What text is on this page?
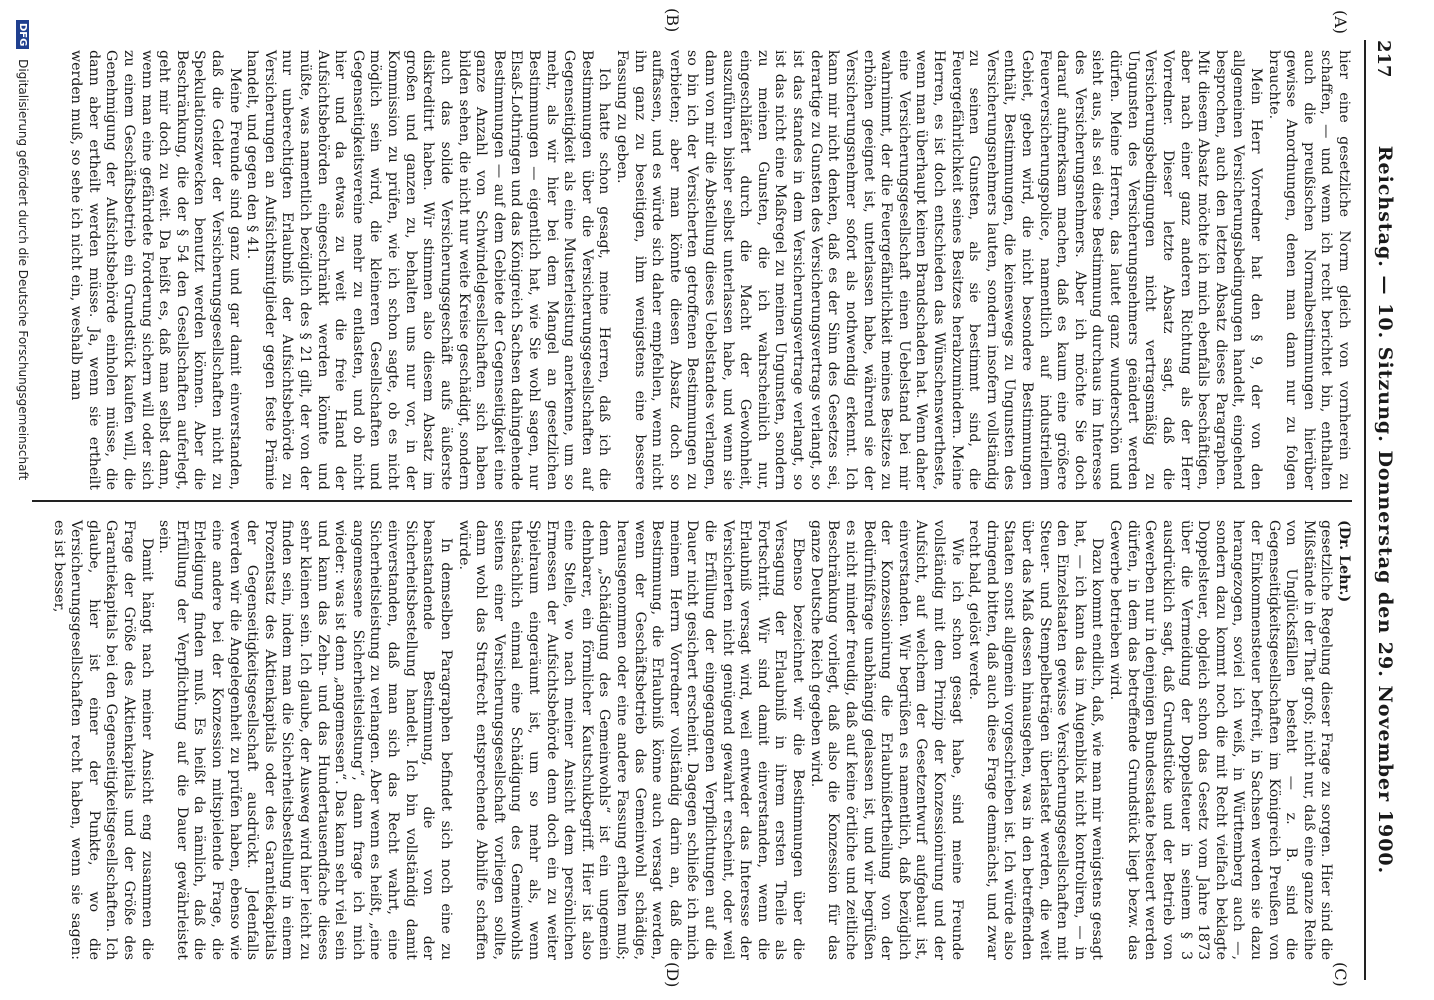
217
Reichstag. — 10. Sitzung. Donnerstag den 29. November 1900.
(C)
(D)
(A)
(B)

(Dr. Lehr.)

gesetzliche Regelung dieser Frage zu sorgen. Hier sind die Mißstände in der That groß; nicht nur, daß eine ganze Reihe von Unglücksfällen besteht — z. B. sind die Gegenseitigkeitsgesellschaften im Königreich Preußen von der Einkommensteuer befreit, in Sachsen werden sie dazu herangezogen, soviel ich weiß, in Württemberg auch —, sondern dazu kommt noch die mit Recht vielfach beklagte Doppelsteuer, obgleich schon das Gesetz vom Jahre 1873 über die Vermeidung der Doppelsteuer in seinem § 3 ausdrücklich sagt, daß Grundstücke und der Betrieb von Gewerben nur in denjenigen Bundesstaate besteuert werden dürfen, in dem das betreffende Grundstück liegt bezw. das Gewerbe betrieben wird.

Dazu kommt endlich, daß, wie man mir wenigstens gesagt hat, — ich kann das im Augenblick nicht kontroliren, — in den Einzelstaaten gewisse Versicherungsgesellschaften mit Steuer- und Stempelbeträgen überlastet werden, die weit über das Maß dessen hinausgehen, was in den betreffenden Staaten sonst allgemein vorgeschrieben ist. Ich würde also dringend bitten, daß auch diese Frage demnächst, und zwar recht bald, gelöst werde.

Wie ich schon gesagt habe, sind meine Freunde vollständig mit dem Prinzip der Konzessionirung und der Aufsicht, auf welchem der Gesetzentwurf aufgebaut ist, einverstanden. Wir begrüßen es namentlich, daß bezüglich der Konzessionirung die Erlaubnißertheilung von der Bedürfnißfrage unabhängig gelassen ist, und wir begrüßen es nicht minder freudig, daß auf keine örtliche und zeitliche Beschränkung vorliegt, daß also die Konzession für das ganze Deutsche Reich gegeben wird.

Ebenso bezeichnet wir die Bestimmungen über die Versagung der Erlaubniß in ihrem ersten Theile als Fortschritt. Wir sind damit einverstanden, wenn die Erlaubniß versagt wird, weil entweder das Interesse der Versicherten nicht genügend gewahrt erscheint, oder weil die Erfüllung der eingegangenen Verpflichtungen auf die Dauer nicht gesichert erscheint. Dagegen schließe ich mich meinem Herrn Vorredner vollständig darin an, daß die Bestimmung, die Erlaubniß könne auch versagt werden, wenn der Geschäftsbetrieb das Gemeinwohl schädige, herausgenommen oder eine andere Fassung erhalten muß; denn „Schädigung des Gemeinwohls“ ist ein ungemein dehnbarer, ein förmlicher Kautschukbegriff. Hier ist also eine Stelle, wo nach meiner Ansicht dem persönlichen Ermessen der Aufsichtsbehörde denn doch ein zu weiter Spielraum eingeräumt ist, um so mehr als, wenn thatsächlich einmal eine Schädigung des Gemeinwohls seitens einer Versicherungsgesellschaft vorliegen sollte, dann wohl das Strafrecht entsprechende Abhilfe schaffen würde.

In demselben Paragraphen befindet sich noch eine zu beanstandende Bestimmung, die von der Sicherheitsbestellung handelt. Ich bin vollständig damit einverstanden, daß man sich das Recht wahrt, eine Sicherheitsleistung zu verlangen. Aber wenn es heißt, „eine angemessene Sicherheitsleistung“, dann frage ich mich wieder: was ist denn „angemessen“. Das kann sehr viel sein und kann das Zehn- und das Hundertausendfache dieses sehr kleinen sein. Ich glaube, der Ausweg wird hier leicht zu finden sein, indem man die Sicherheitsbestellung in einem Prozentsatz des Aktienkapitals oder des Garantiekapitals der Gegenseitigkeitsgesellschaft ausdrückt. Jedenfalls werden wir die Angelegenheit zu prüfen haben, ebenso wie eine andere bei der Konzession mitspielende Frage, die Erledigung finden muß. Es heißt da nämlich, daß die Erfüllung der Verpflichtung auf die Dauer gewährleistet sein.

Damit hängt nach meiner Ansicht eng zusammen die Frage der Größe des Aktienkapitals und der Größe des Garantiekapitals bei den Gegenseitigkeitsgesellschaften. Ich glaube, hier ist einer der Punkte, wo die Versicherungsgesellschaften recht haben, wenn sie sagen: es ist besser,

hier eine gesetzliche Norm gleich von vornherein zu schaffen, — und wenn ich recht berichtet bin, enthalten auch die preußischen Normalbestimmungen hierüber gewisse Anordnungen, denen man dann nur zu folgen brauchte.

Mein Herr Vorredner hat den § 9, der von den allgemeinen Versicherungsbedingungen handelt, eingehend besprochen, auch den letzten Absatz dieses Paragraphen. Mit diesem Absatz möchte ich mich ebenfalls beschäftigen, aber nach einer ganz anderen Richtung als der Herr Vorredner. Dieser letzte Absatz sagt, daß die Versicherungsbedingungen nicht vertragsmäßig zu Ungunsten des Versicherungsnehmers geändert werden dürfen. Meine Herren, das lautet ganz wunderschön und sieht aus, als sei diese Bestimmung durchaus im Interesse des Versicherungsnehmers. Aber ich möchte Sie doch darauf aufmerksam machen, daß es kaum eine größere Feuerversicherungspolice, namentlich auf industriellem Gebiet, geben wird, die nicht besondere Bestimmungen enthält, Bestimmungen, die keineswegs zu Ungunsten des Versicherungsnehmers lauten, sondern insofern vollständig zu seinen Gunsten, als sie bestimmt sind, die Feuergefährlichkeit seines Besitzes herabzumindern. Meine Herren, es ist doch entschieden das Wünschenswertheste, wenn man überhaupt keinen Brandschaden hat. Wenn daher eine Versicherungsgesellschaft einen Uebelstand bei mir wahrnimmt, der die Feuergefährlichkeit meines Besitzes zu erhöhen geeignet ist, unterlassen habe, während sie der Versicherungsnehmer sofort als nothwendig erkennt. Ich kann mir nicht denken, daß es der Sinn des Gesetzes sei, derartige zu Gunsten des Versicherungsvertrags verlangt, so ist das standes in dem Versicherungsvertrage verlangt, so ist das nicht eine Maßregel zu meinen Ungunsten, sondern zu meinen Gunsten, die ich wahrscheinlich nur, eingeschläfert durch die Macht der Gewohnheit, auszuführen bisher selbst unterlassen habe, und wenn sie dann von mir die Abstellung dieses Uebelstandes verlangen, so bin ich der Versicherten getroffenen Bestimmungen zu verbieten; aber man könnte diesen Absatz doch so auffassen, und es würde sich daher empfehlen, wenn nicht ihn ganz zu beseitigen, ihm wenigstens eine bessere Fassung zu geben.

Ich hatte schon gesagt, meine Herren, daß ich die Bestimmungen über die Versicherungsgesellschaften auf Gegenseitigkeit als eine Musterleistung anerkenne, um so mehr, als wir hier bei dem Mangel an gesetzlichen Bestimmungen — eigentlich hat, wie Sie wohl sagen, nur Elsaß-Lothringen und das Königreich Sachsen dahingehende Bestimmungen — auf dem Gebiete der Gegenseitigkeit eine ganze Anzahl von Schwindelgesellschaften sich haben bilden sehen, die nicht nur weite Kreise geschädigt, sondern auch das solide Versicherungsgeschäft aufs äußerste diskreditirt haben. Wir stimmen also diesem Absatz im großen und ganzen zu, behalten uns nur vor, in der Kommission zu prüfen, wie ich schon sagte, ob es nicht möglich sein wird, die kleineren Gesellschaften und Gegenseitigkeitsvereine mehr zu entlasten, und ob nicht hier und da etwas zu weit die freie Hand der Aufsichtsbehörden eingeschränkt werden könnte und müßte, was namentlich bezüglich des § 21 gilt, der von der nur unberechtigten Erlaubniß der Aufsichtsbehörde zu Versicherungen an Aufsichtsmitglieder gegen feste Prämie handelt, und gegen den § 41.

Meine Freunde sind ganz und gar damit einverstanden, daß die Gelder der Versicherungsgesellschaften nicht zu Spekulationszwecken benutzt werden können. Aber die Beschränkung, die der § 54 den Gesellschaften auferlegt, geht mir doch zu weit. Da heißt es, daß man selbst dann, wenn man eine gefährdete Forderung sichern will oder sich zu einem Geschäftsbetrieb ein Grundstück kaufen will, die Genehmigung der Aufsichtsbehörde einholen müsse, die dann aber ertheilt werden müsse. Ja, wenn sie ertheilt werden muß, so sehe ich nicht ein, weshalb man

DFG Digitalisierung gefördert durch die Deutsche Forschungsgemeinschaft
